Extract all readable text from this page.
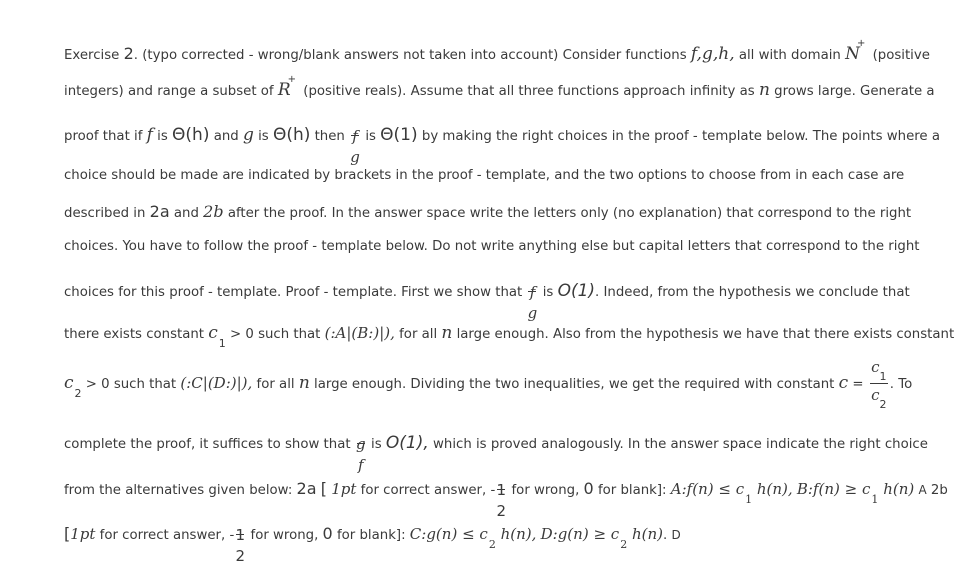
Exercise 2. (typo corrected - wrong/blank answers not taken into account) Consider functions f,g,h, all with domain N+ (positive
integers) and range a subset of R+ (positive reals). Assume that all three functions approach infinity as n grows large. Generate a
proof that if f is Θ(h) and g is Θ(h) then f
g
is Θ(1) by making the right choices in the proof - template below. The points where a
choice should be made are indicated by brackets in the proof - template, and the two options to choose from in each case are
described in 2a and 2b after the proof. In the answer space write the letters only (no explanation) that correspond to the right
choices. You have to follow the proof - template below. Do not write anything else but capital letters that correspond to the right
choices for this proof - template. Proof - template. First we show that f
g
is O(1). Indeed, from the hypothesis we conclude that
there exists constant $c_1 > 0$ such that (:A|(B:)|), for all n large enough. Also from the hypothesis we have that there exists constant
$c_2 > 0$ such that (:C|(D:)|), for all n large enough. Dividing the two inequalities, we get the required with constant $c = \frac{c_1}{c_2}$ . To
complete the proof, it suffices to show that g
f
is O(1), which is proved analogously. In the answer space indicate the right choice
from the alternatives given below: 2a [ 1pt for correct answer, - 1
2
for wrong, 0 for blank]: A:f(n) ≤ $c_1$ h(n), B:f(n) ≥ $c_1$ h(n) A 2b
[1pt for correct answer, - 1
2
for wrong, 0 for blank]: C:g(n) ≤ $c_2$ h(n), D:g(n) ≥ $c_2$ h(n). D
